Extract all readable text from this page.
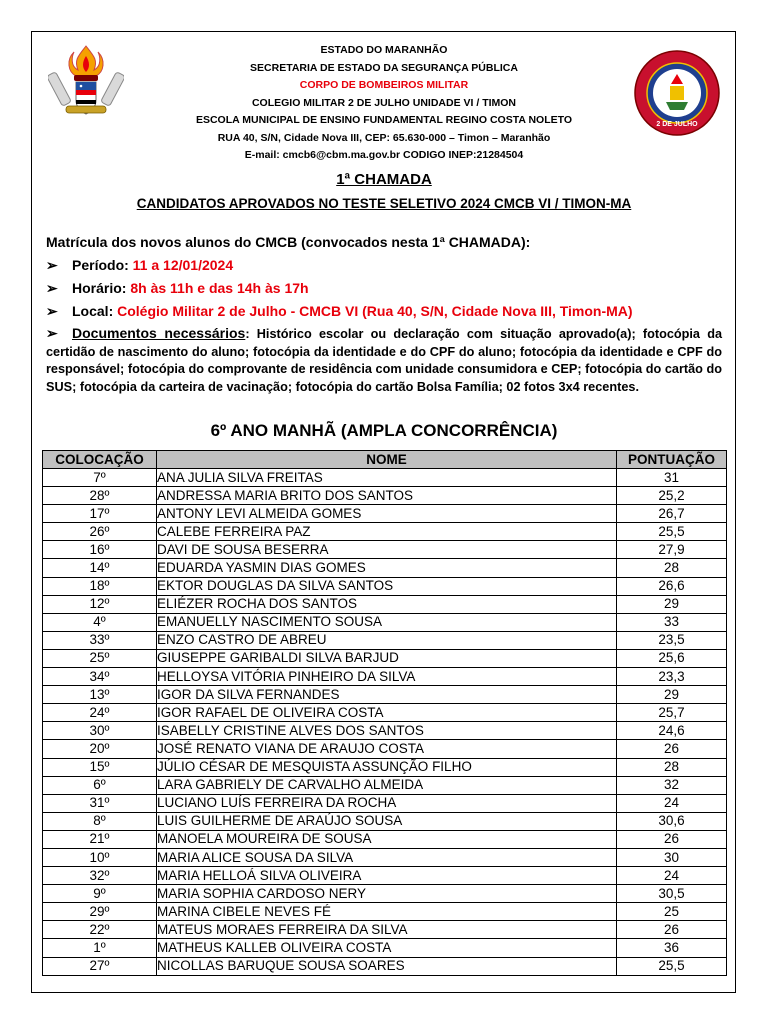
ESTADO DO MARANHÃO
SECRETARIA DE ESTADO DA SEGURANÇA PÚBLICA
CORPO DE BOMBEIROS MILITAR
COLEGIO MILITAR 2 DE JULHO UNIDADE VI / TIMON
ESCOLA MUNICIPAL DE ENSINO FUNDAMENTAL REGINO COSTA NOLETO
RUA 40, S/N, Cidade Nova III, CEP: 65.630-000 – Timon – Maranhão
E-mail: cmcb6@cbm.ma.gov.br CODIGO INEP:21284504
2 DE JULHO
1ª CHAMADA
CANDIDATOS APROVADOS NO TESTE SELETIVO 2024 CMCB VI / TIMON-MA
Matrícula dos novos alunos do CMCB (convocados nesta 1ª CHAMADA):
➢ Período: 11 a 12/01/2024
➢ Horário: 8h às 11h e das 14h às 17h
➢ Local: Colégio Militar 2 de Julho - CMCB VI (Rua 40, S/N, Cidade Nova III, Timon-MA)
➢ Documentos necessários: Histórico escolar ou declaração com situação aprovado(a); fotocópia da certidão de nascimento do aluno; fotocópia da identidade e do CPF do aluno; fotocópia da identidade e CPF do responsável; fotocópia do comprovante de residência com unidade consumidora e CEP; fotocópia do cartão do SUS; fotocópia da carteira de vacinação; fotocópia do cartão Bolsa Família; 02 fotos 3x4 recentes.
6º ANO MANHÃ (AMPLA CONCORRÊNCIA)
COLOCAÇÃO	NOME	PONTUAÇÃO
7º	ANA JULIA SILVA FREITAS	31
28º	ANDRESSA MARIA BRITO DOS SANTOS	25,2
17º	ANTONY LEVI ALMEIDA GOMES	26,7
26º	CALEBE FERREIRA PAZ	25,5
16º	DAVI DE SOUSA BESERRA	27,9
14º	EDUARDA YASMIN DIAS GOMES	28
18º	EKTOR DOUGLAS DA SILVA SANTOS	26,6
12º	ELIÉZER ROCHA DOS SANTOS	29
4º	EMANUELLY NASCIMENTO SOUSA	33
33º	ENZO CASTRO DE ABREU	23,5
25º	GIUSEPPE GARIBALDI SILVA BARJUD	25,6
34º	HELLOYSA VITÓRIA PINHEIRO DA SILVA	23,3
13º	IGOR DA SILVA FERNANDES	29
24º	IGOR RAFAEL DE OLIVEIRA COSTA	25,7
30º	ISABELLY CRISTINE ALVES DOS SANTOS	24,6
20º	JOSÉ RENATO VIANA DE ARAUJO COSTA	26
15º	JÚLIO CÉSAR DE MESQUISTA ASSUNÇÃO FILHO	28
6º	LARA GABRIELY DE CARVALHO ALMEIDA	32
31º	LUCIANO LUÍS FERREIRA DA ROCHA	24
8º	LUIS GUILHERME DE ARAÚJO SOUSA	30,6
21º	MANOELA MOUREIRA DE SOUSA	26
10º	MARIA ALICE SOUSA DA SILVA	30
32º	MARIA HELLOÁ SILVA OLIVEIRA	24
9º	MARIA SOPHIA CARDOSO NERY	30,5
29º	MARINA CIBELE NEVES FÉ	25
22º	MATEUS MORAES FERREIRA DA SILVA	26
1º	MATHEUS KALLEB OLIVEIRA COSTA	36
27º	NICOLLAS BARUQUE SOUSA SOARES	25,5
